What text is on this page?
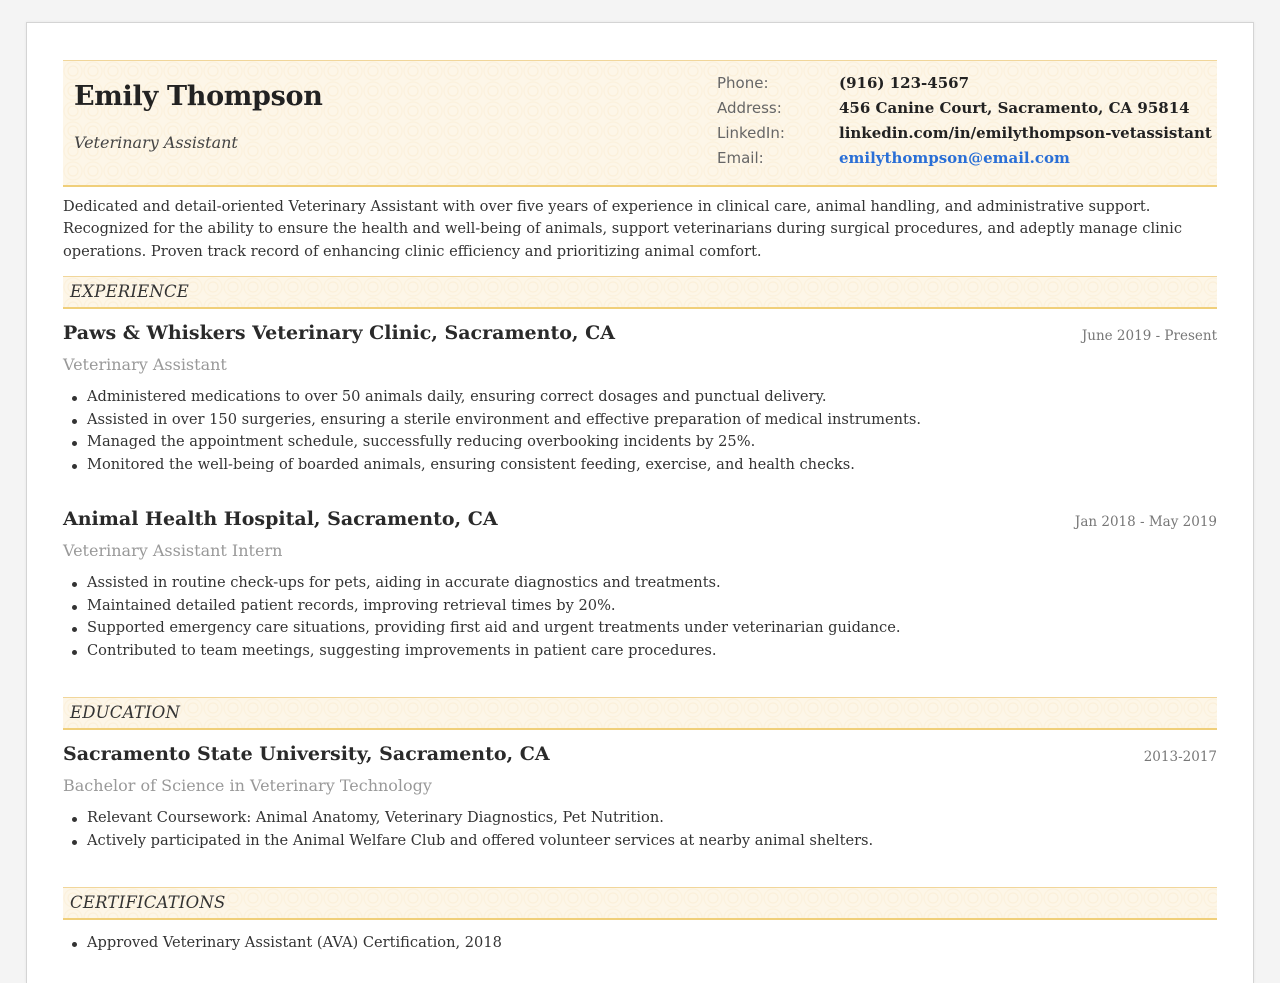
Emily Thompson
Veterinary Assistant
Phone:	(916) 123-4567
Address:	456 Canine Court, Sacramento, CA 95814
LinkedIn:	linkedin.com/in/emilythompson-vetassistant
Email:	emilythompson@email.com
Dedicated and detail-oriented Veterinary Assistant with over five years of experience in clinical care, animal handling, and administrative support. Recognized for the ability to ensure the health and well-being of animals, support veterinarians during surgical procedures, and adeptly manage clinic operations. Proven track record of enhancing clinic efficiency and prioritizing animal comfort.
EXPERIENCE
Paws & Whiskers Veterinary Clinic, Sacramento, CA	June 2019 - Present
Veterinary Assistant
Administered medications to over 50 animals daily, ensuring correct dosages and punctual delivery.
Assisted in over 150 surgeries, ensuring a sterile environment and effective preparation of medical instruments.
Managed the appointment schedule, successfully reducing overbooking incidents by 25%.
Monitored the well-being of boarded animals, ensuring consistent feeding, exercise, and health checks.
Animal Health Hospital, Sacramento, CA	Jan 2018 - May 2019
Veterinary Assistant Intern
Assisted in routine check-ups for pets, aiding in accurate diagnostics and treatments.
Maintained detailed patient records, improving retrieval times by 20%.
Supported emergency care situations, providing first aid and urgent treatments under veterinarian guidance.
Contributed to team meetings, suggesting improvements in patient care procedures.
EDUCATION
Sacramento State University, Sacramento, CA	2013-2017
Bachelor of Science in Veterinary Technology
Relevant Coursework: Animal Anatomy, Veterinary Diagnostics, Pet Nutrition.
Actively participated in the Animal Welfare Club and offered volunteer services at nearby animal shelters.
CERTIFICATIONS
Approved Veterinary Assistant (AVA) Certification, 2018
